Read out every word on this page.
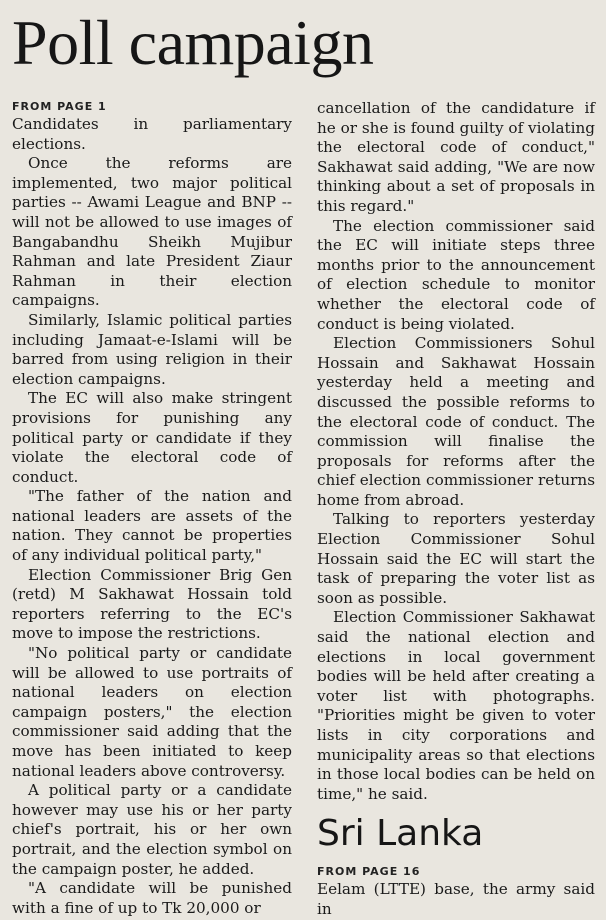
Poll campaign
FROM PAGE 1

Candidates in parliamentary elections.

Once the reforms are implemented, two major political parties -- Awami League and BNP -- will not be allowed to use images of Bangabandhu Sheikh Mujibur Rahman and late President Ziaur Rahman in their election campaigns.

Similarly, Islamic political parties including Jamaat-e-Islami will be barred from using religion in their election campaigns.

The EC will also make stringent provisions for punishing any political party or candidate if they violate the electoral code of conduct.

"The father of the nation and national leaders are assets of the nation. They cannot be properties of any individual political party,"

Election Commissioner Brig Gen (retd) M Sakhawat Hossain told reporters referring to the EC's move to impose the restrictions.

"No political party or candidate will be allowed to use portraits of national leaders on election campaign posters," the election commissioner said adding that the move has been initiated to keep national leaders above controversy.

A political party or a candidate however may use his or her party chief's portrait, his or her own portrait, and the election symbol on the campaign poster, he added.

"A candidate will be punished with a fine of up to Tk 20,000 or

cancellation of the candidature if he or she is found guilty of violating the electoral code of conduct," Sakhawat said adding, "We are now thinking about a set of proposals in this regard."

The election commissioner said the EC will initiate steps three months prior to the announcement of election schedule to monitor whether the electoral code of conduct is being violated.

Election Commissioners Sohul Hossain and Sakhawat Hossain yesterday held a meeting and discussed the possible reforms to the electoral code of conduct. The commission will finalise the proposals for reforms after the chief election commissioner returns home from abroad.

Talking to reporters yesterday Election Commissioner Sohul Hossain said the EC will start the task of preparing the voter list as soon as possible.

Election Commissioner Sakhawat said the national election and elections in local government bodies will be held after creating a voter list with photographs. "Priorities might be given to voter lists in city corporations and municipality areas so that elections in those local bodies can be held on time," he said.

Sri Lanka
FROM PAGE 16

Eelam (LTTE) base, the army said in
